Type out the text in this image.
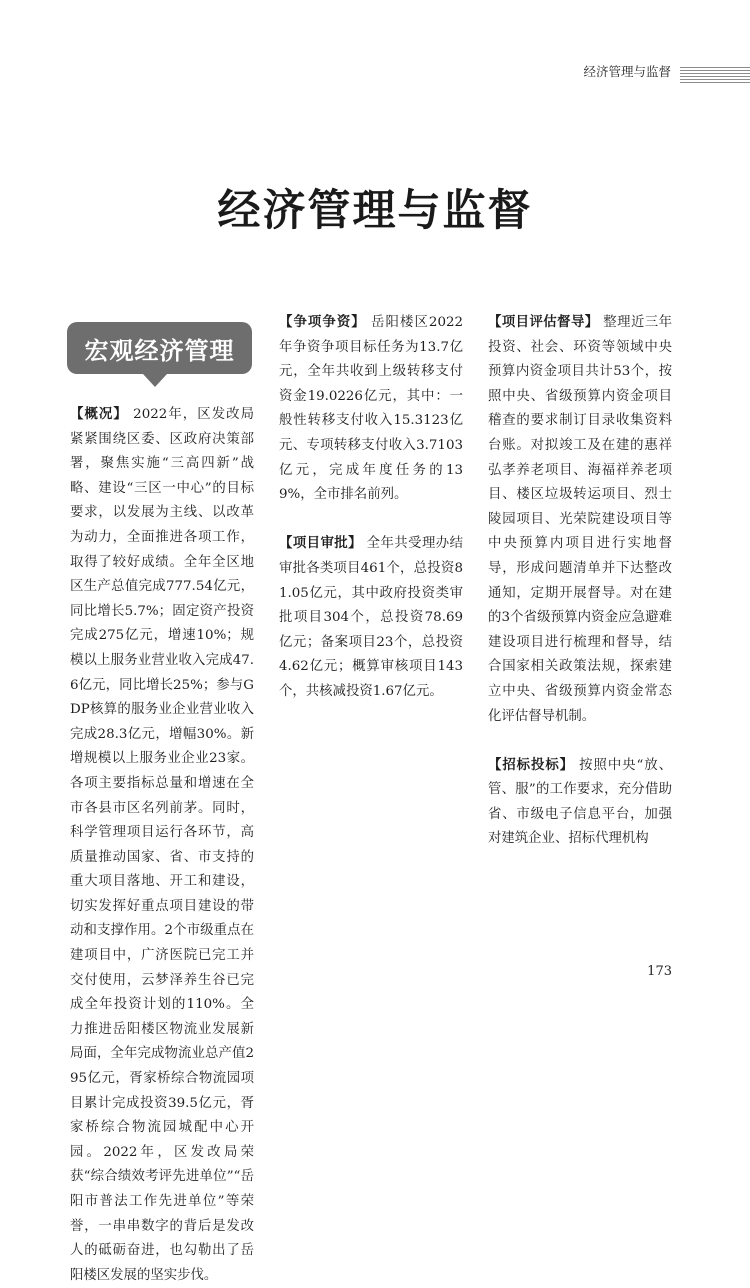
经济管理与监督
经济管理与监督
宏观经济管理

【概况】 2022年，区发改局紧紧围绕区委、区政府决策部署，聚焦实施“三高四新”战略、建设“三区一中心”的目标要求，以发展为主线、以改革为动力，全面推进各项工作，取得了较好成绩。全年全区地区生产总值完成777.54亿元，同比增长5.7%；固定资产投资完成275亿元，增速10%；规模以上服务业营业收入完成47.6亿元，同比增长25%；参与GDP核算的服务业企业营业收入完成28.3亿元，增幅30%。新增规模以上服务业企业23家。各项主要指标总量和增速在全市各县市区名列前茅。同时，科学管理项目运行各环节，高质量推动国家、省、市支持的重大项目落地、开工和建设，切实发挥好重点项目建设的带动和支撑作用。2个市级重点在建项目中，广济医院已完工并交付使用，云梦泽养生谷已完成全年投资计划的110%。全力推进岳阳楼区物流业发展新局面，全年完成物流业总产值295亿元，胥家桥综合物流园项目累计完成投资39.5亿元，胥家桥综合物流园城配中心开园。2022年，区发改局荣获“综合绩效考评先进单位”“岳阳市普法工作先进单位”等荣誉，一串串数字的背后是发改人的砥砺奋进，也勾勒出了岳阳楼区发展的坚实步伐。

【争项争资】 岳阳楼区2022年争资争项目标任务为13.7亿元，全年共收到上级转移支付资金19.0226亿元，其中：一般性转移支付收入15.3123亿元、专项转移支付收入3.7103亿元，完成年度任务的139%，全市排名前列。

【项目审批】 全年共受理办结审批各类项目461个，总投资81.05亿元，其中政府投资类审批项目304个，总投资78.69亿元；备案项目23个，总投资4.62亿元；概算审核项目143个，共核减投资1.67亿元。

【项目评估督导】 整理近三年投资、社会、环资等领域中央预算内资金项目共计53个，按照中央、省级预算内资金项目稽查的要求制订目录收集资料台账。对拟竣工及在建的惠祥弘孝养老项目、海福祥养老项目、楼区垃圾转运项目、烈士陵园项目、光荣院建设项目等中央预算内项目进行实地督导，形成问题清单并下达整改通知，定期开展督导。对在建的3个省级预算内资金应急避难建设项目进行梳理和督导，结合国家相关政策法规，探索建立中央、省级预算内资金常态化评估督导机制。

【招标投标】 按照中央“放、管、服”的工作要求，充分借助省、市级电子信息平台，加强对建筑企业、招标代理机构

173
